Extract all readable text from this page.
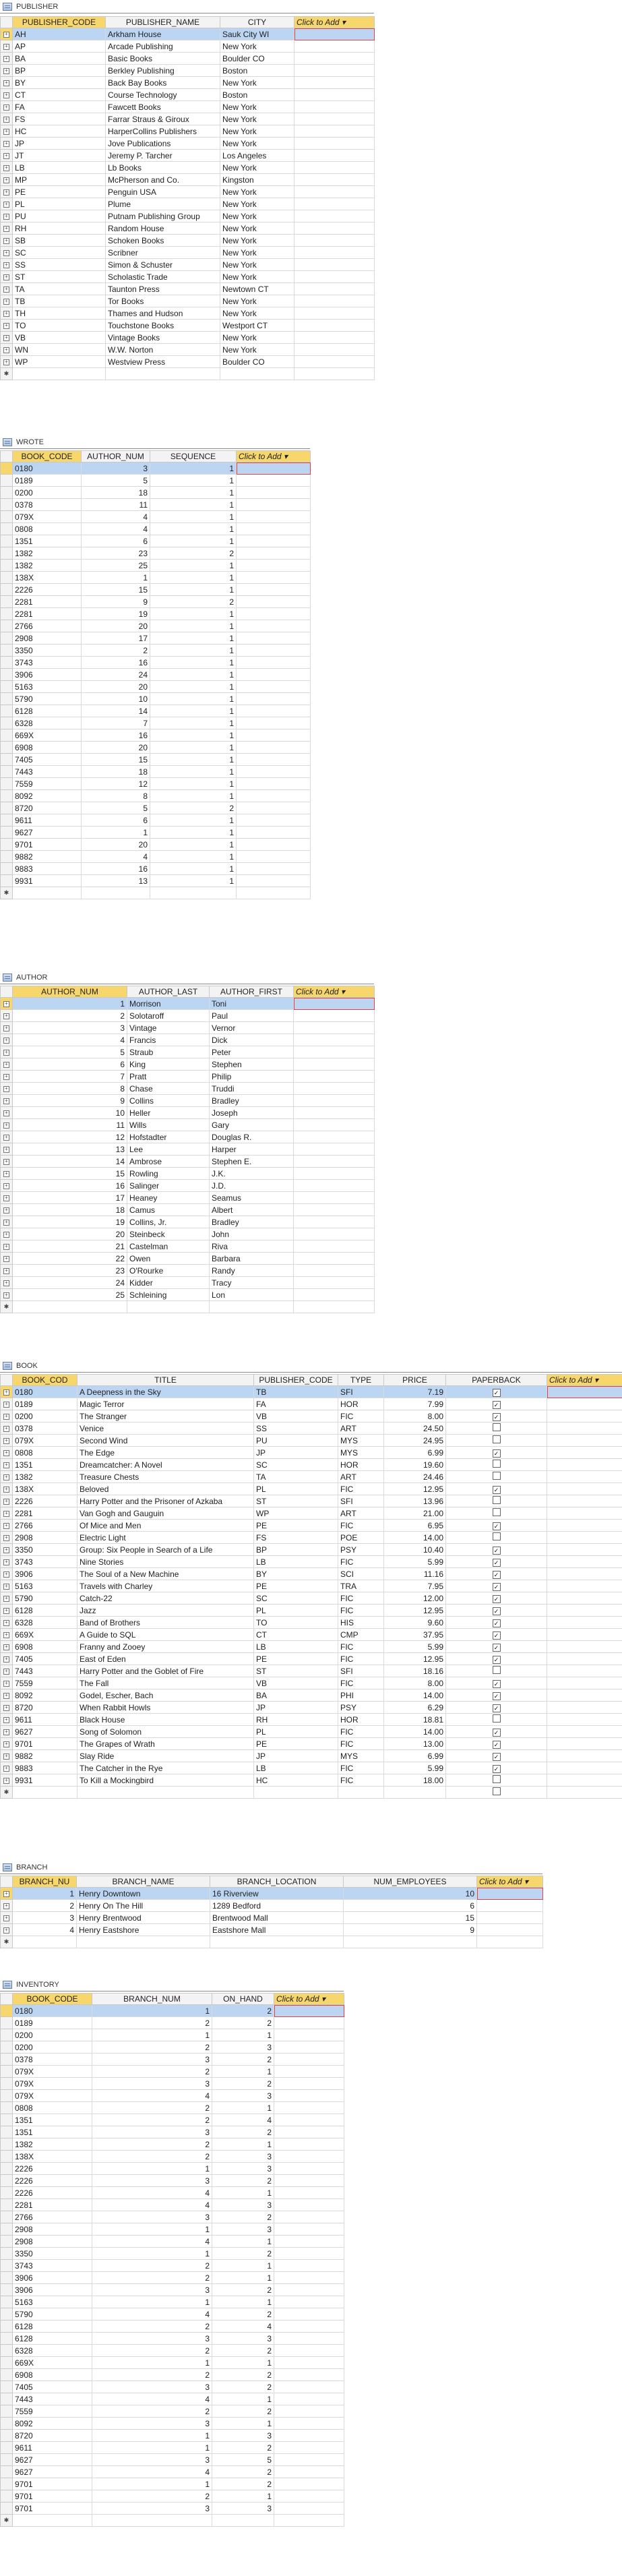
PUBLISHER
	PUBLISHER_CODE	PUBLISHER_NAME	CITY	Click to Add ▾
+	AH	Arkham House	Sauk City WI	
+	AP	Arcade Publishing	New York	
+	BA	Basic Books	Boulder CO	
+	BP	Berkley Publishing	Boston	
+	BY	Back Bay Books	New York	
+	CT	Course Technology	Boston	
+	FA	Fawcett Books	New York	
+	FS	Farrar Straus & Giroux	New York	
+	HC	HarperCollins Publishers	New York	
+	JP	Jove Publications	New York	
+	JT	Jeremy P. Tarcher	Los Angeles	
+	LB	Lb Books	New York	
+	MP	McPherson and Co.	Kingston	
+	PE	Penguin USA	New York	
+	PL	Plume	New York	
+	PU	Putnam Publishing Group	New York	
+	RH	Random House	New York	
+	SB	Schoken Books	New York	
+	SC	Scribner	New York	
+	SS	Simon & Schuster	New York	
+	ST	Scholastic Trade	New York	
+	TA	Taunton Press	Newtown CT	
+	TB	Tor Books	New York	
+	TH	Thames and Hudson	New York	
+	TO	Touchstone Books	Westport CT	
+	VB	Vintage Books	New York	
+	WN	W.W. Norton	New York	
+	WP	Westview Press	Boulder CO	
✱				
WROTE
	BOOK_CODE	AUTHOR_NUM	SEQUENCE	Click to Add ▾
	0180	3	1	
	0189	5	1	
	0200	18	1	
	0378	11	1	
	079X	4	1	
	0808	4	1	
	1351	6	1	
	1382	23	2	
	1382	25	1	
	138X	1	1	
	2226	15	1	
	2281	9	2	
	2281	19	1	
	2766	20	1	
	2908	17	1	
	3350	2	1	
	3743	16	1	
	3906	24	1	
	5163	20	1	
	5790	10	1	
	6128	14	1	
	6328	7	1	
	669X	16	1	
	6908	20	1	
	7405	15	1	
	7443	18	1	
	7559	12	1	
	8092	8	1	
	8720	5	2	
	9611	6	1	
	9627	1	1	
	9701	20	1	
	9882	4	1	
	9883	16	1	
	9931	13	1	
✱				
AUTHOR
	AUTHOR_NUM	AUTHOR_LAST	AUTHOR_FIRST	Click to Add ▾
+	1	Morrison	Toni	
+	2	Solotaroff	Paul	
+	3	Vintage	Vernor	
+	4	Francis	Dick	
+	5	Straub	Peter	
+	6	King	Stephen	
+	7	Pratt	Philip	
+	8	Chase	Truddi	
+	9	Collins	Bradley	
+	10	Heller	Joseph	
+	11	Wills	Gary	
+	12	Hofstadter	Douglas R.	
+	13	Lee	Harper	
+	14	Ambrose	Stephen E.	
+	15	Rowling	J.K.	
+	16	Salinger	J.D.	
+	17	Heaney	Seamus	
+	18	Camus	Albert	
+	19	Collins, Jr.	Bradley	
+	20	Steinbeck	John	
+	21	Castelman	Riva	
+	22	Owen	Barbara	
+	23	O'Rourke	Randy	
+	24	Kidder	Tracy	
+	25	Schleining	Lon	
✱				
BOOK
	BOOK_COD	TITLE	PUBLISHER_CODE	TYPE	PRICE	PAPERBACK	Click to Add ▾
+	0180	A Deepness in the Sky	TB	SFI	7.19	✓	
+	0189	Magic Terror	FA	HOR	7.99	✓	
+	0200	The Stranger	VB	FIC	8.00	✓	
+	0378	Venice	SS	ART	24.50		
+	079X	Second Wind	PU	MYS	24.95		
+	0808	The Edge	JP	MYS	6.99	✓	
+	1351	Dreamcatcher: A Novel	SC	HOR	19.60		
+	1382	Treasure Chests	TA	ART	24.46		
+	138X	Beloved	PL	FIC	12.95	✓	
+	2226	Harry Potter and the Prisoner of Azkaba	ST	SFI	13.96		
+	2281	Van Gogh and Gauguin	WP	ART	21.00		
+	2766	Of Mice and Men	PE	FIC	6.95	✓	
+	2908	Electric Light	FS	POE	14.00		
+	3350	Group: Six People in Search of a Life	BP	PSY	10.40	✓	
+	3743	Nine Stories	LB	FIC	5.99	✓	
+	3906	The Soul of a New Machine	BY	SCI	11.16	✓	
+	5163	Travels with Charley	PE	TRA	7.95	✓	
+	5790	Catch-22	SC	FIC	12.00	✓	
+	6128	Jazz	PL	FIC	12.95	✓	
+	6328	Band of Brothers	TO	HIS	9.60	✓	
+	669X	A Guide to SQL	CT	CMP	37.95	✓	
+	6908	Franny and Zooey	LB	FIC	5.99	✓	
+	7405	East of Eden	PE	FIC	12.95	✓	
+	7443	Harry Potter and the Goblet of Fire	ST	SFI	18.16		
+	7559	The Fall	VB	FIC	8.00	✓	
+	8092	Godel, Escher, Bach	BA	PHI	14.00	✓	
+	8720	When Rabbit Howls	JP	PSY	6.29	✓	
+	9611	Black House	RH	HOR	18.81		
+	9627	Song of Solomon	PL	FIC	14.00	✓	
+	9701	The Grapes of Wrath	PE	FIC	13.00	✓	
+	9882	Slay Ride	JP	MYS	6.99	✓	
+	9883	The Catcher in the Rye	LB	FIC	5.99	✓	
+	9931	To Kill a Mockingbird	HC	FIC	18.00		
✱							
BRANCH
	BRANCH_NU	BRANCH_NAME	BRANCH_LOCATION	NUM_EMPLOYEES	Click to Add ▾
+	1	Henry Downtown	16 Riverview	10	
+	2	Henry On The Hill	1289 Bedford	6	
+	3	Henry Brentwood	Brentwood Mall	15	
+	4	Henry Eastshore	Eastshore Mall	9	
✱					
INVENTORY
	BOOK_CODE	BRANCH_NUM	ON_HAND	Click to Add ▾
	0180	1	2	
	0189	2	2	
	0200	1	1	
	0200	2	3	
	0378	3	2	
	079X	2	1	
	079X	3	2	
	079X	4	3	
	0808	2	1	
	1351	2	4	
	1351	3	2	
	1382	2	1	
	138X	2	3	
	2226	1	3	
	2226	3	2	
	2226	4	1	
	2281	4	3	
	2766	3	2	
	2908	1	3	
	2908	4	1	
	3350	1	2	
	3743	2	1	
	3906	2	1	
	3906	3	2	
	5163	1	1	
	5790	4	2	
	6128	2	4	
	6128	3	3	
	6328	2	2	
	669X	1	1	
	6908	2	2	
	7405	3	2	
	7443	4	1	
	7559	2	2	
	8092	3	1	
	8720	1	3	
	9611	1	2	
	9627	3	5	
	9627	4	2	
	9701	1	2	
	9701	2	1	
	9701	3	3	
✱				
